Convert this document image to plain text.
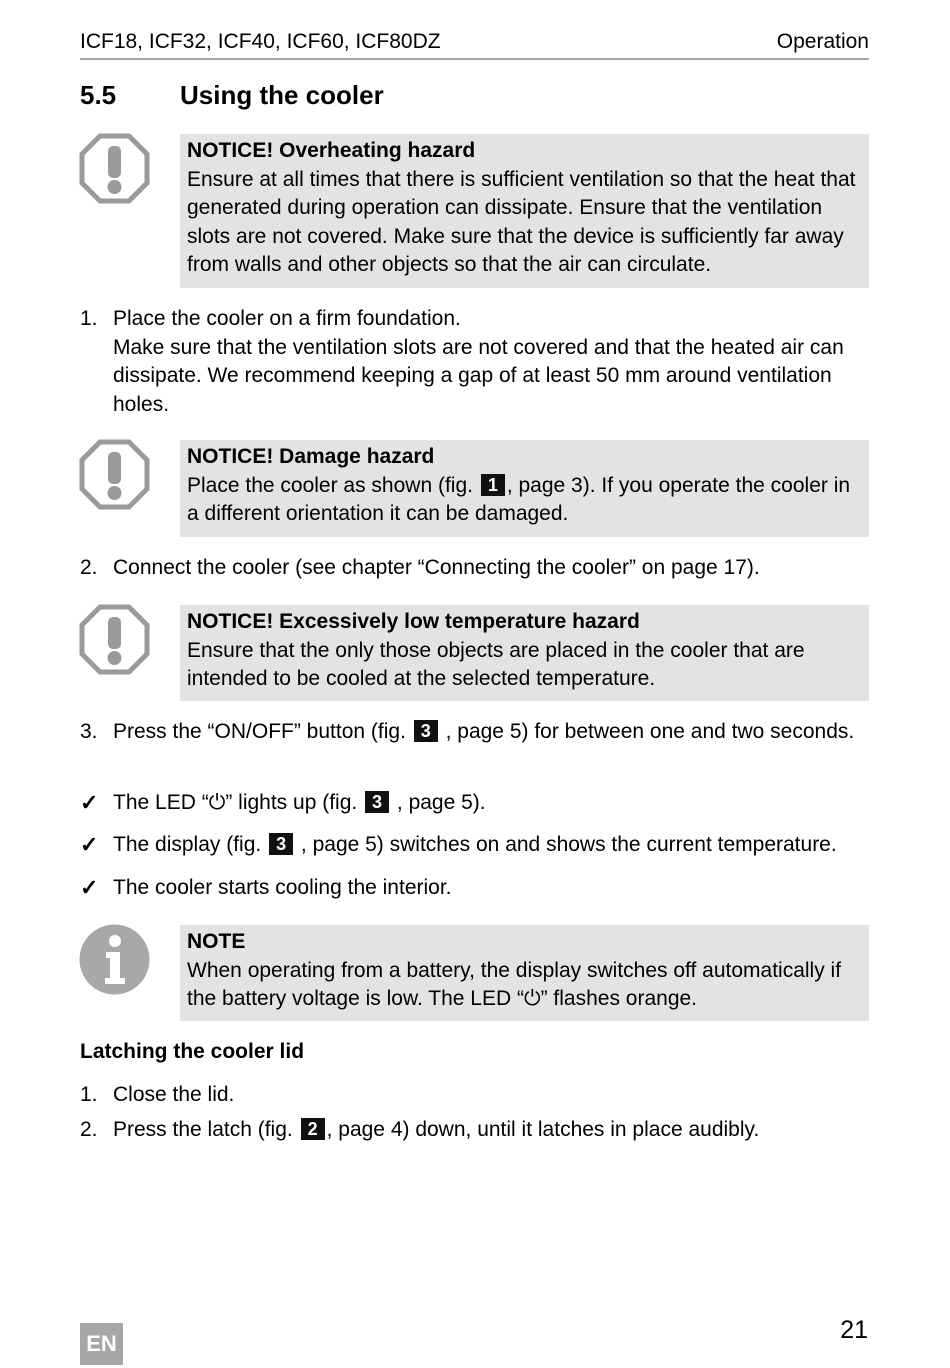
ICF18, ICF32, ICF40, ICF60, ICF80DZ	Operation
5.5 Using the cooler
NOTICE! Overheating hazard
Ensure at all times that there is sufficient ventilation so that the heat that generated during operation can dissipate. Ensure that the ventilation slots are not covered. Make sure that the device is sufficiently far away from walls and other objects so that the air can circulate.
1. Place the cooler on a firm foundation.
Make sure that the ventilation slots are not covered and that the heated air can dissipate. We recommend keeping a gap of at least 50 mm around ventilation holes.
NOTICE! Damage hazard
Place the cooler as shown (fig. 1 , page 3). If you operate the cooler in a different orientation it can be damaged.
2. Connect the cooler (see chapter “Connecting the cooler” on page 17).
NOTICE! Excessively low temperature hazard
Ensure that the only those objects are placed in the cooler that are intended to be cooled at the selected temperature.
3. Press the “ON/OFF” button (fig. 3 , page 5) for between one and two seconds.
✓ The LED “⏻” lights up (fig. 3 , page 5).
✓ The display (fig. 3 , page 5) switches on and shows the current temperature.
✓ The cooler starts cooling the interior.
NOTE
When operating from a battery, the display switches off automatically if the battery voltage is low. The LED “⏻” flashes orange.
Latching the cooler lid
1. Close the lid.
2. Press the latch (fig. 2 , page 4) down, until it latches in place audibly.
EN	21
